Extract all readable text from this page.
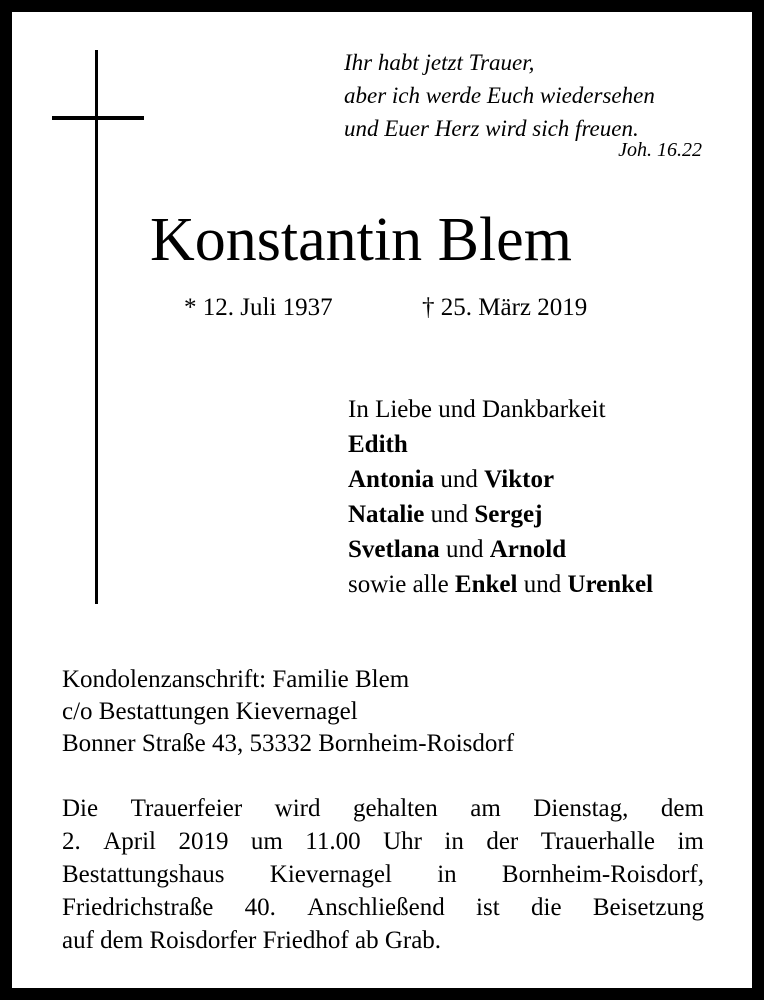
Ihr habt jetzt Trauer,
aber ich werde Euch wiedersehen
und Euer Herz wird sich freuen.
Joh. 16.22
Konstantin Blem
* 12. Juli 1937	† 25. März 2019
In Liebe und Dankbarkeit
Edith
Antonia und Viktor
Natalie und Sergej
Svetlana und Arnold
sowie alle Enkel und Urenkel
Kondolenzanschrift: Familie Blem
c/o Bestattungen Kievernagel
Bonner Straße 43, 53332 Bornheim-Roisdorf
Die Trauerfeier wird gehalten am Dienstag, dem
2. April 2019 um 11.00 Uhr in der Trauerhalle im
Bestattungshaus Kievernagel in Bornheim-Roisdorf,
Friedrichstraße 40. Anschließend ist die Beisetzung
auf dem Roisdorfer Friedhof ab Grab.
